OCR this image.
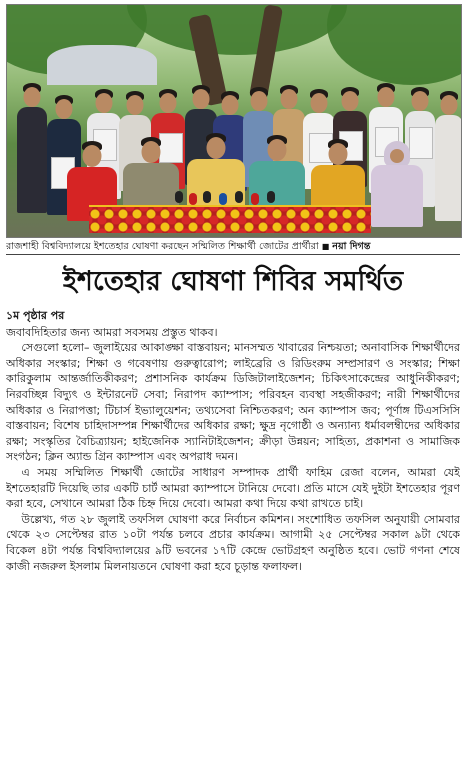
রাজশাহী বিশ্ববিদ্যালয়ে ইশতেহার ঘোষণা করছেন সম্মিলিত শিক্ষার্থী জোটের প্রার্থীরা ■ নয়া দিগন্ত
ইশতেহার ঘোষণা শিবির সমর্থিত
১ম পৃষ্ঠার পর

জবাবদিহিতার জন্য আমরা সবসময় প্রস্তুত থাকব।

সেগুলো হলো– জুলাইয়ের আকাঙ্ক্ষা বাস্তবায়ন; মানসম্মত খাবারের নিশ্চয়তা; অনাবাসিক শিক্ষার্থীদের অধিকার সংস্কার; শিক্ষা ও গবেষণায় গুরুত্বারোপ; লাইব্রেরি ও রিডিংরুম সম্প্রসারণ ও সংস্কার; শিক্ষা কারিকুলাম আন্তর্জাতিকীকরণ; প্রশাসনিক কার্যক্রম ডিজিটালাইজেশন; চিকিৎসাকেন্দ্রের আধুনিকীকরণ; নিরবচ্ছিন্ন বিদ্যুৎ ও ইন্টারনেট সেবা; নিরাপদ ক্যাম্পাস; পরিবহন ব্যবস্থা সহজীকরণ; নারী শিক্ষার্থীদের অধিকার ও নিরাপত্তা; টিচার্স ইভ্যালুয়েশন; তথ্যসেবা নিশ্চিতকরণ; অন ক্যাম্পাস জব; পূর্ণাঙ্গ টিএসসিসি বাস্তবায়ন; বিশেষ চাহিদাসম্পন্ন শিক্ষার্থীদের অধিকার রক্ষা; ক্ষুদ্র নৃগোষ্ঠী ও অন্যান্য ধর্মাবলম্বীদের অধিকার রক্ষা; সংস্কৃতির বৈচিত্র্যায়ন; হাইজেনিক স্যানিটাইজেশন; ক্রীড়া উন্নয়ন; সাহিত্য, প্রকাশনা ও সামাজিক সংগঠন; ক্লিন অ্যান্ড গ্রিন ক্যাম্পাস এবং অপরাধ দমন।

এ সময় সম্মিলিত শিক্ষার্থী জোটের সাধারণ সম্পাদক প্রার্থী ফাহিম রেজা বলেন, আমরা যেই ইশতেহারটি দিয়েছি তার একটি চার্ট আমরা ক্যাম্পাসে টানিয়ে দেবো। প্রতি মাসে যেই দুইটা ইশতেহার পূরণ করা হবে, সেখানে আমরা ঠিক চিহ্ন দিয়ে দেবো। আমরা কথা দিয়ে কথা রাখতে চাই।

উল্লেখ্য, গত ২৮ জুলাই তফসিল ঘোষণা করে নির্বাচন কমিশন। সংশোধিত তফসিল অনুযায়ী সোমবার থেকে ২৩ সেপ্টেম্বর রাত ১০টা পর্যন্ত চলবে প্রচার কার্যক্রম। আগামী ২৫ সেপ্টেম্বর সকাল ৯টা থেকে বিকেল ৪টা পর্যন্ত বিশ্ববিদ্যালয়ের ৯টি ভবনের ১৭টি কেন্দ্রে ভোটগ্রহণ অনুষ্ঠিত হবে। ভোট গণনা শেষে কাজী নজরুল ইসলাম মিলনায়তনে ঘোষণা করা হবে চূড়ান্ত ফলাফল।
